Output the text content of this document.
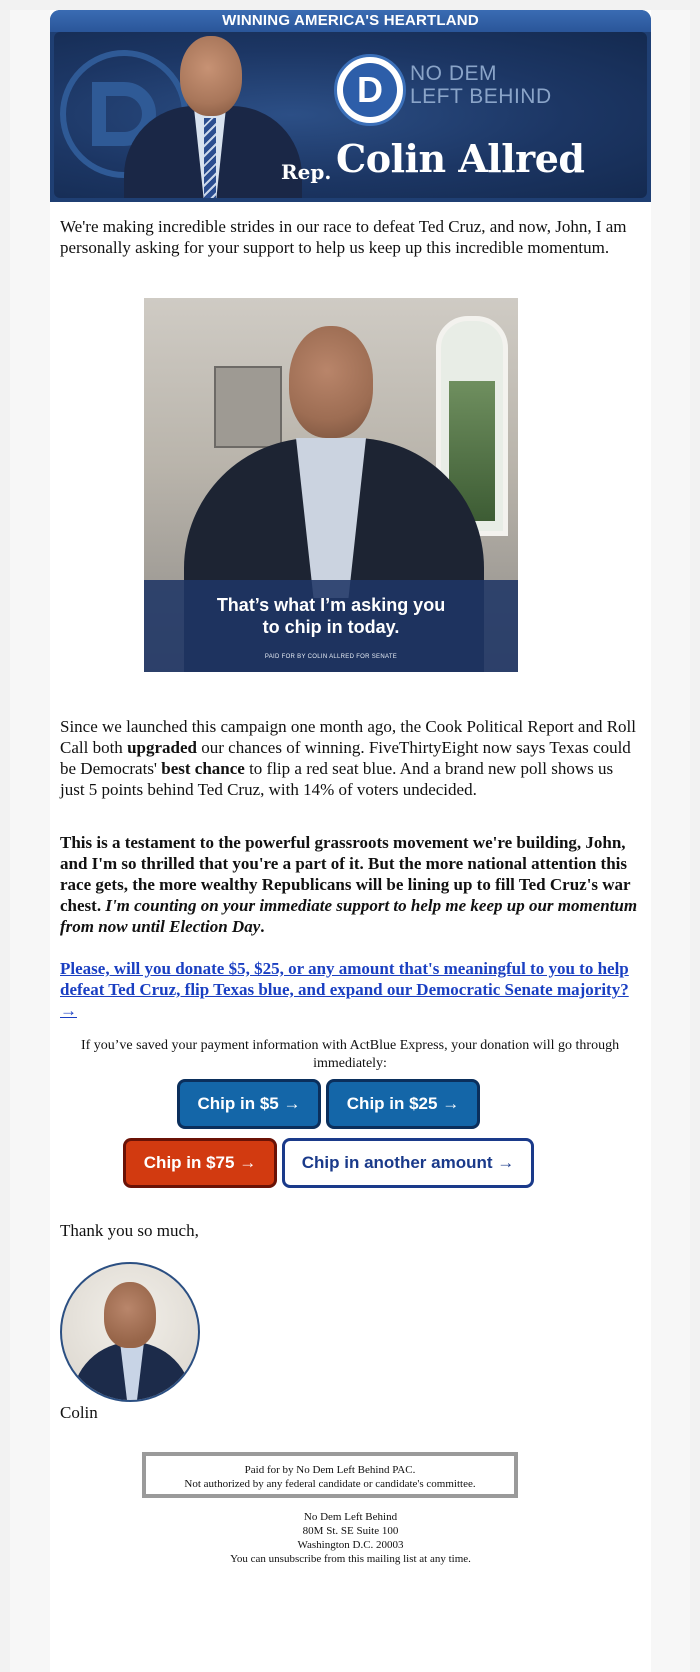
WINNING AMERICA'S HEARTLAND
D	NO DEM
LEFT BEHIND
Rep. Colin Allred

We're making incredible strides in our race to defeat Ted Cruz, and now, John, I am personally asking for your support to help us keep up this incredible momentum.

That’s what I’m asking you
to chip in today.
PAID FOR BY COLIN ALLRED FOR SENATE

Since we launched this campaign one month ago, the Cook Political Report and Roll Call both upgraded our chances of winning. FiveThirtyEight now says Texas could be Democrats' best chance to flip a red seat blue. And a brand new poll shows us just 5 points behind Ted Cruz, with 14% of voters undecided.

This is a testament to the powerful grassroots movement we're building, John, and I'm so thrilled that you're a part of it. But the more national attention this race gets, the more wealthy Republicans will be lining up to fill Ted Cruz's war chest. I'm counting on your immediate support to help me keep up our momentum from now until Election Day.

Please, will you donate $5, $25, or any amount that's meaningful to you to help defeat Ted Cruz, flip Texas blue, and expand our Democratic Senate majority? →
If you’ve saved your payment information with ActBlue Express, your donation will go through immediately:
Chip in $5 →	Chip in $25 →
Chip in $75 →	Chip in another amount →

Thank you so much,

Colin

Paid for by No Dem Left Behind PAC.
Not authorized by any federal candidate or candidate's committee.
No Dem Left Behind
80M St. SE Suite 100
Washington D.C. 20003
You can unsubscribe from this mailing list at any time.
